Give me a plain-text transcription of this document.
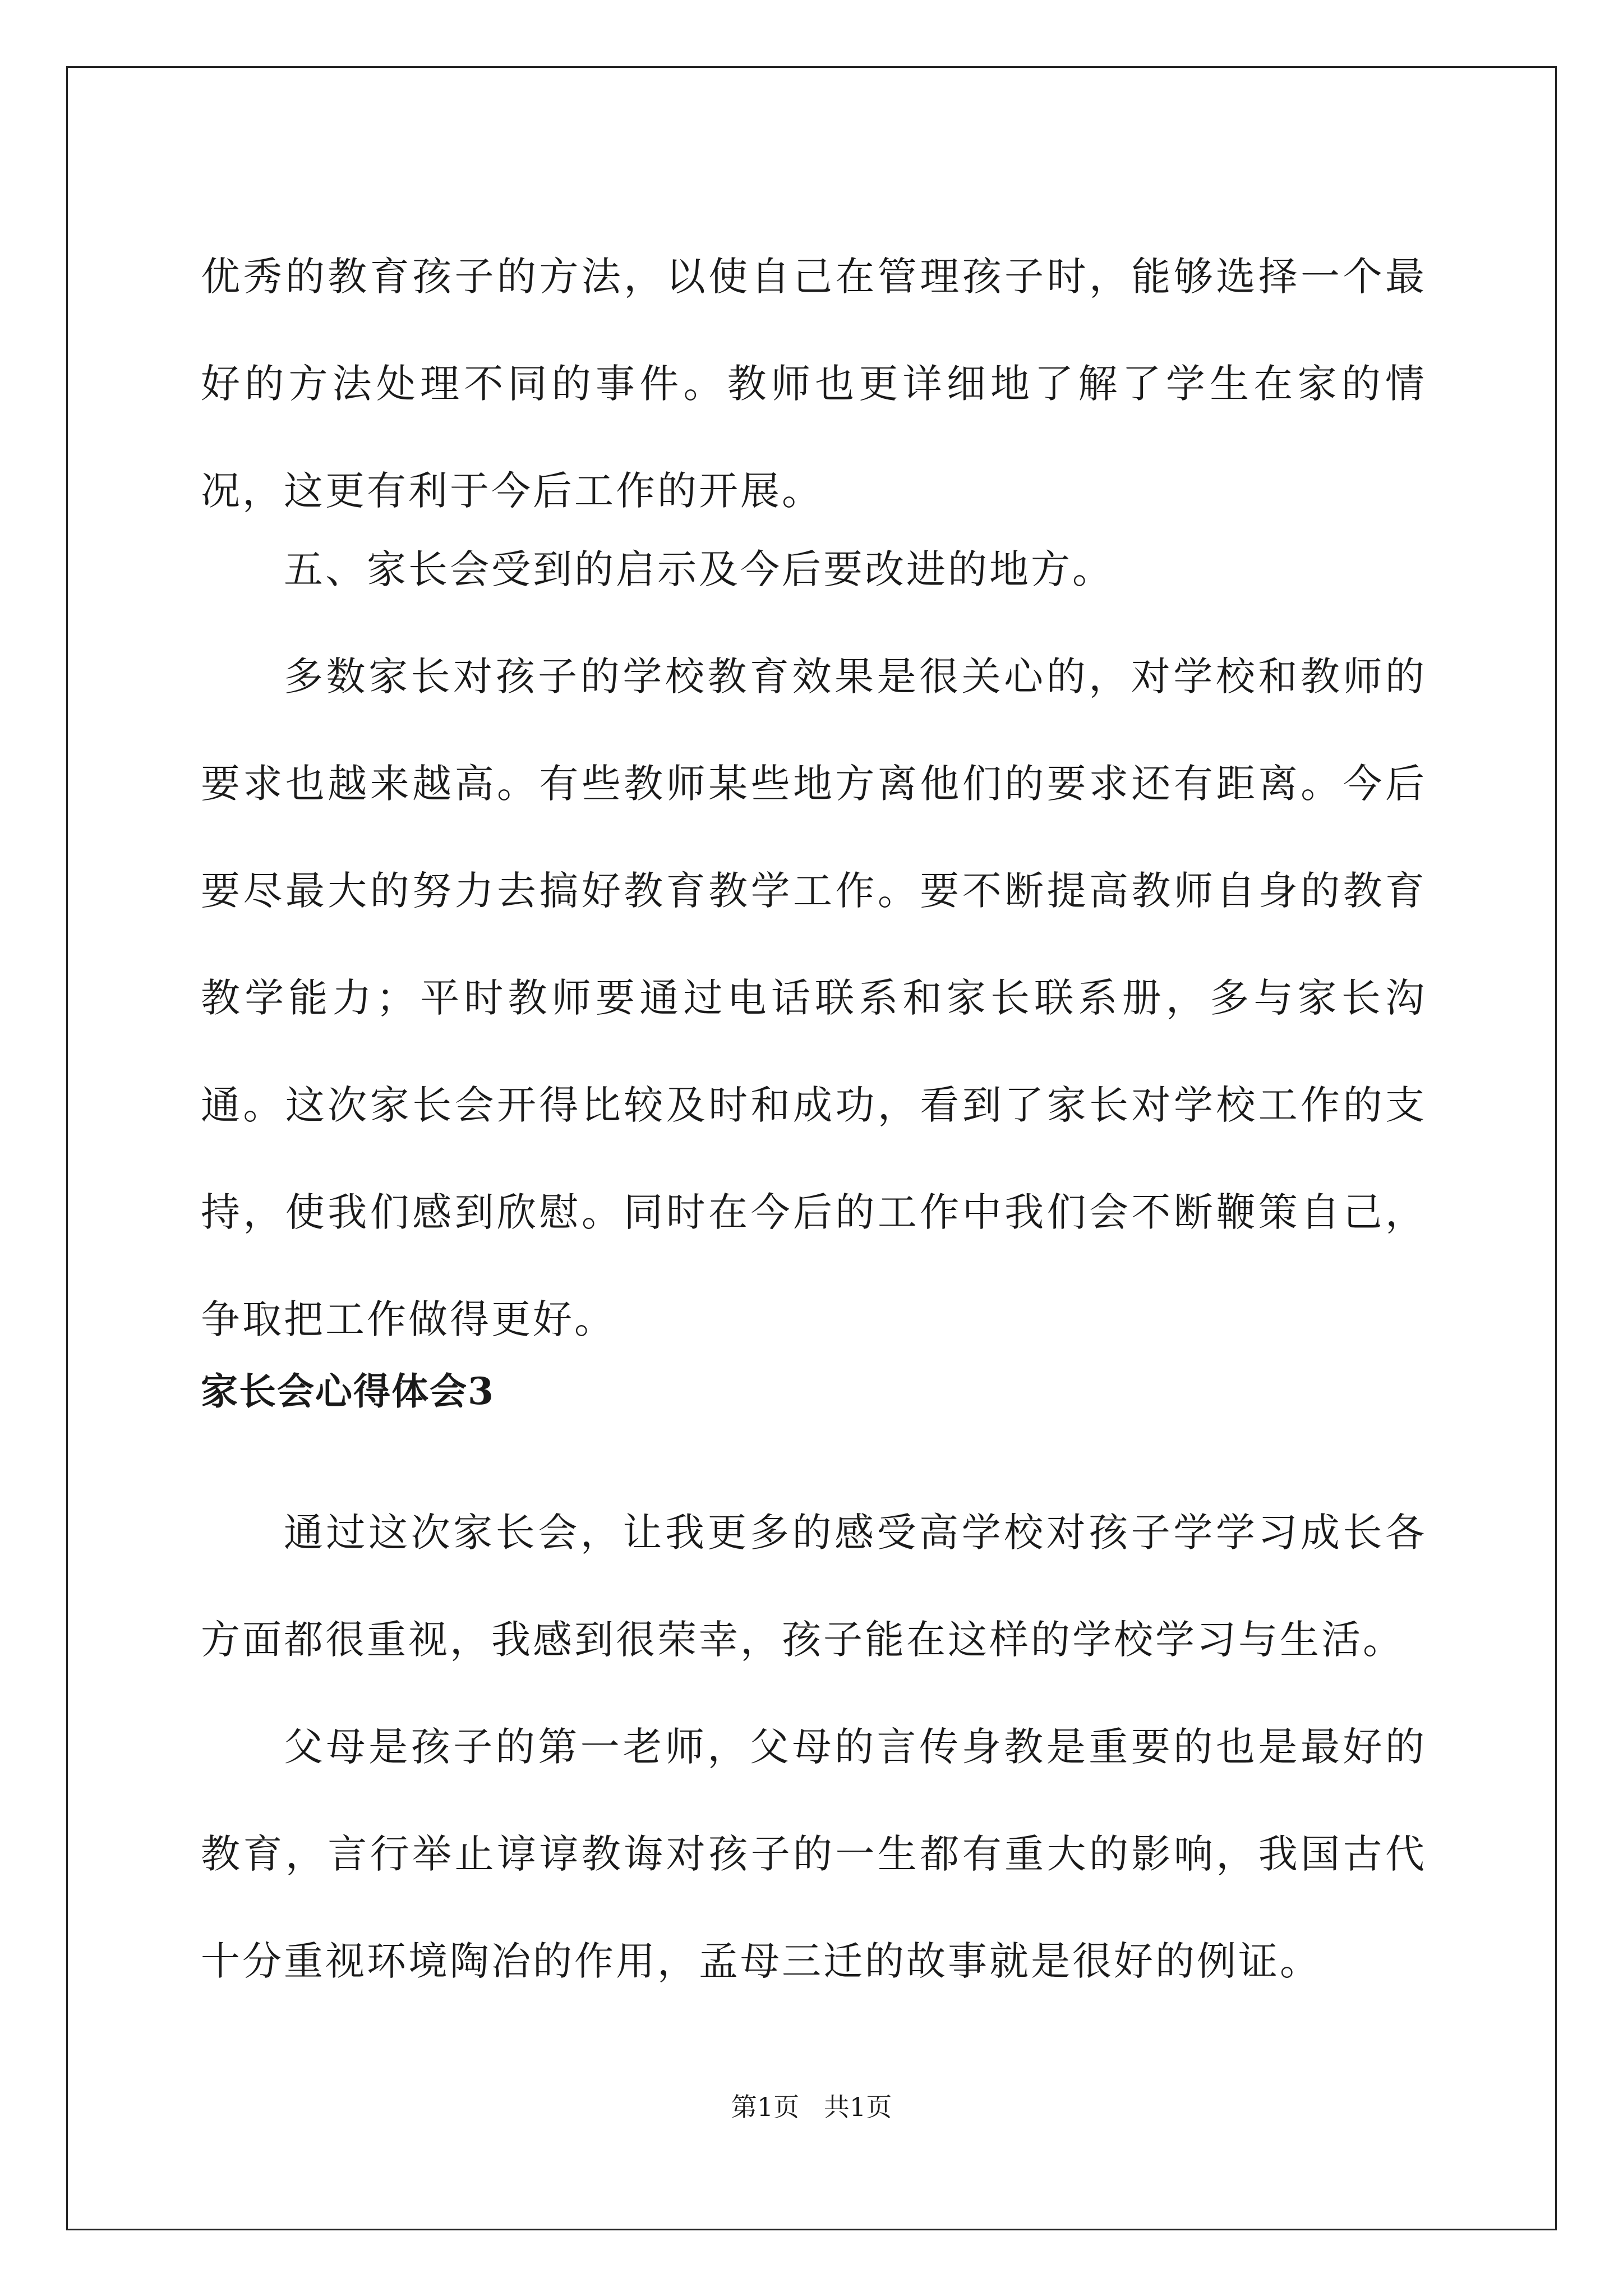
优秀的教育孩子的方法，以使自己在管理孩子时，能够选择一个最好的方法处理不同的事件。教师也更详细地了解了学生在家的情况，这更有利于今后工作的开展。

五、家长会受到的启示及今后要改进的地方。

多数家长对孩子的学校教育效果是很关心的，对学校和教师的要求也越来越高。有些教师某些地方离他们的要求还有距离。今后要尽最大的努力去搞好教育教学工作。要不断提高教师自身的教育教学能力；平时教师要通过电话联系和家长联系册，多与家长沟通。这次家长会开得比较及时和成功，看到了家长对学校工作的支持，使我们感到欣慰。同时在今后的工作中我们会不断鞭策自己，争取把工作做得更好。

家长会心得体会3

通过这次家长会，让我更多的感受高学校对孩子学学习成长各方面都很重视，我感到很荣幸，孩子能在这样的学校学习与生活。

父母是孩子的第一老师，父母的言传身教是重要的也是最好的教育，言行举止谆谆教诲对孩子的一生都有重大的影响，我国古代十分重视环境陶冶的作用，孟母三迁的故事就是很好的例证。

第1页   共1页
